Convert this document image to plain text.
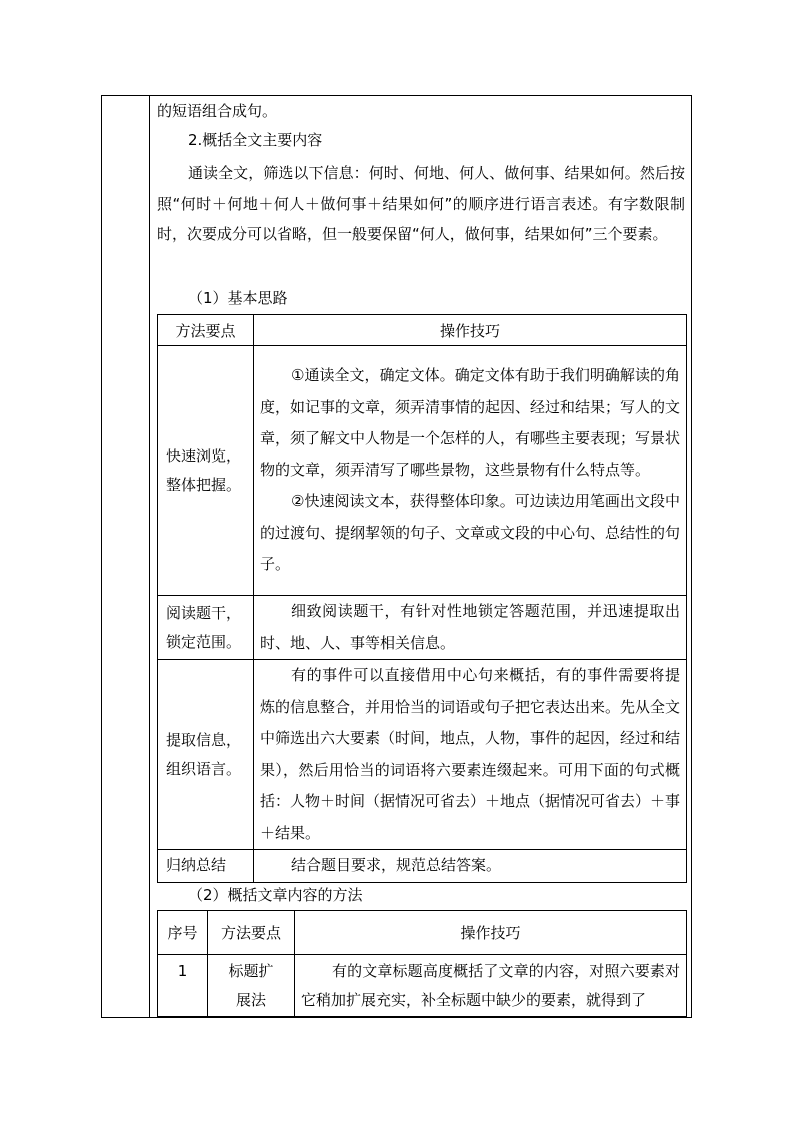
的短语组合成句。

2.概括全文主要内容

通读全文，筛选以下信息：何时、何地、何人、做何事、结果如何。然后按照“何时＋何地＋何人＋做何事＋结果如何”的顺序进行语言表述。有字数限制时，次要成分可以省略，但一般要保留“何人，做何事，结果如何”三个要素。

（1）基本思路

方法要点	操作技巧
快速浏览，整体把握。	①通读全文，确定文体。确定文体有助于我们明确解读的角度，如记事的文章，须弄清事情的起因、经过和结果；写人的文章，须了解文中人物是一个怎样的人，有哪些主要表现；写景状物的文章，须弄清写了哪些景物，这些景物有什么特点等。

②快速阅读文本，获得整体印象。可边读边用笔画出文段中的过渡句、提纲挈领的句子、文章或文段的中心句、总结性的句子。

阅读题干，锁定范围。	细致阅读题干，有针对性地锁定答题范围，并迅速提取出时、地、人、事等相关信息。

提取信息，组织语言。	有的事件可以直接借用中心句来概括，有的事件需要将提炼的信息整合，并用恰当的词语或句子把它表达出来。先从全文中筛选出六大要素（时间，地点，人物，事件的起因，经过和结果），然后用恰当的词语将六要素连缀起来。可用下面的句式概括：人物＋时间（据情况可省去）＋地点（据情况可省去）＋事＋结果。

归纳总结	结合题目要求，规范总结答案。

（2）概括文章内容的方法

序号	方法要点	操作技巧
1	标题扩展法	有的文章标题高度概括了文章的内容，对照六要素对它稍加扩展充实，补全标题中缺少的要素，就得到了
